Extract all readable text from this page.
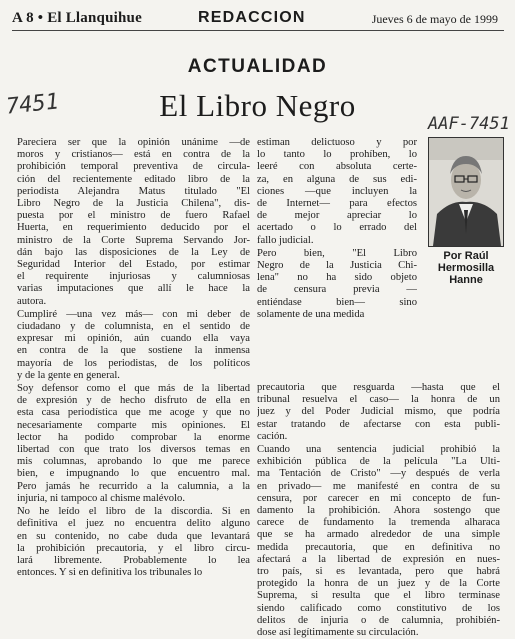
A 8 • El Llanquihue	REDACCION	Jueves 6 de mayo de 1999
ACTUALIDAD
El Libro Negro
7451
AAF-7451

Pareciera ser que la opinión unánime —de
moros y cristianos— está en contra de la
prohibición temporal preventiva de circula-
ción del recientemente editado libro de la
periodista Alejandra Matus titulado "El
Libro Negro de la Justicia Chilena", dis-
puesta por el ministro de fuero Rafael
Huerta, en requerimiento deducido por el
ministro de la Corte Suprema Servando Jor-
dán bajo las disposiciones de la Ley de
Seguridad Interior del Estado, por estimar
el requirente injuriosas y calumniosas
varias imputaciones que allí le hace la
autora.

Cumpliré —una vez más— con mi deber de
ciudadano y de columnista, en el sentido de
expresar mi opinión, aún cuando ella vaya
en contra de la que sostiene la inmensa
mayoría de los periodistas, de los políticos
y de la gente en general.

Soy defensor como el que más de la libertad
de expresión y de hecho disfruto de ella en
esta casa periodística que me acoge y que no
necesariamente comparte mis opiniones. El
lector ha podido comprobar la enorme
libertad con que trato los diversos temas en
mis columnas, aprobando lo que me parece
bien, e impugnando lo que encuentro mal.
Pero jamás he recurrido a la calumnia, a la
injuria, ni tampoco al chisme malévolo.

No he leído el libro de la discordia. Si en
definitiva el juez no encuentra delito alguno
en su contenido, no cabe duda que levantará
la prohibición precautoria, y el libro circu-
lará libremente. Probablemente lo lea
entonces. Y si en definitiva los tribunales lo

estiman delictuoso y por
lo tanto lo prohíben, lo
leeré con absoluta certe-
za, en alguna de sus edi-
ciones —que incluyen la
de Internet— para efectos
de mejor apreciar lo
acertado o lo errado del
fallo judicial.

Pero bien, "El Libro
Negro de la Justicia Chi-
lena" no ha sido objeto
de censura previa —
entiéndase bien— sino
solamente de una medida

precautoria que resguarda —hasta que el
tribunal resuelva el caso— la honra de un
juez y del Poder Judicial mismo, que podría
estar tratando de afectarse con esta publi-
cación.

Cuando una sentencia judicial prohibió la
exhibición pública de la película "La Ulti-
ma Tentación de Cristo" —y después de verla
en privado— me manifesté en contra de su
censura, por carecer en mi concepto de fun-
damento la prohibición. Ahora sostengo que
carece de fundamento la tremenda alharaca
que se ha armado alrededor de una simple
medida precautoria, que en definitiva no
afectará a la libertad de expresión en nues-
tro país, si es levantada, pero que habrá
protegido la honra de un juez y de la Corte
Suprema, si resulta que el libro terminase
siendo calificado como constitutivo de los
delitos de injuria o de calumnia, prohibién-
dose así legítimamente su circulación.

Por Raúl
Hermosilla
Hanne
